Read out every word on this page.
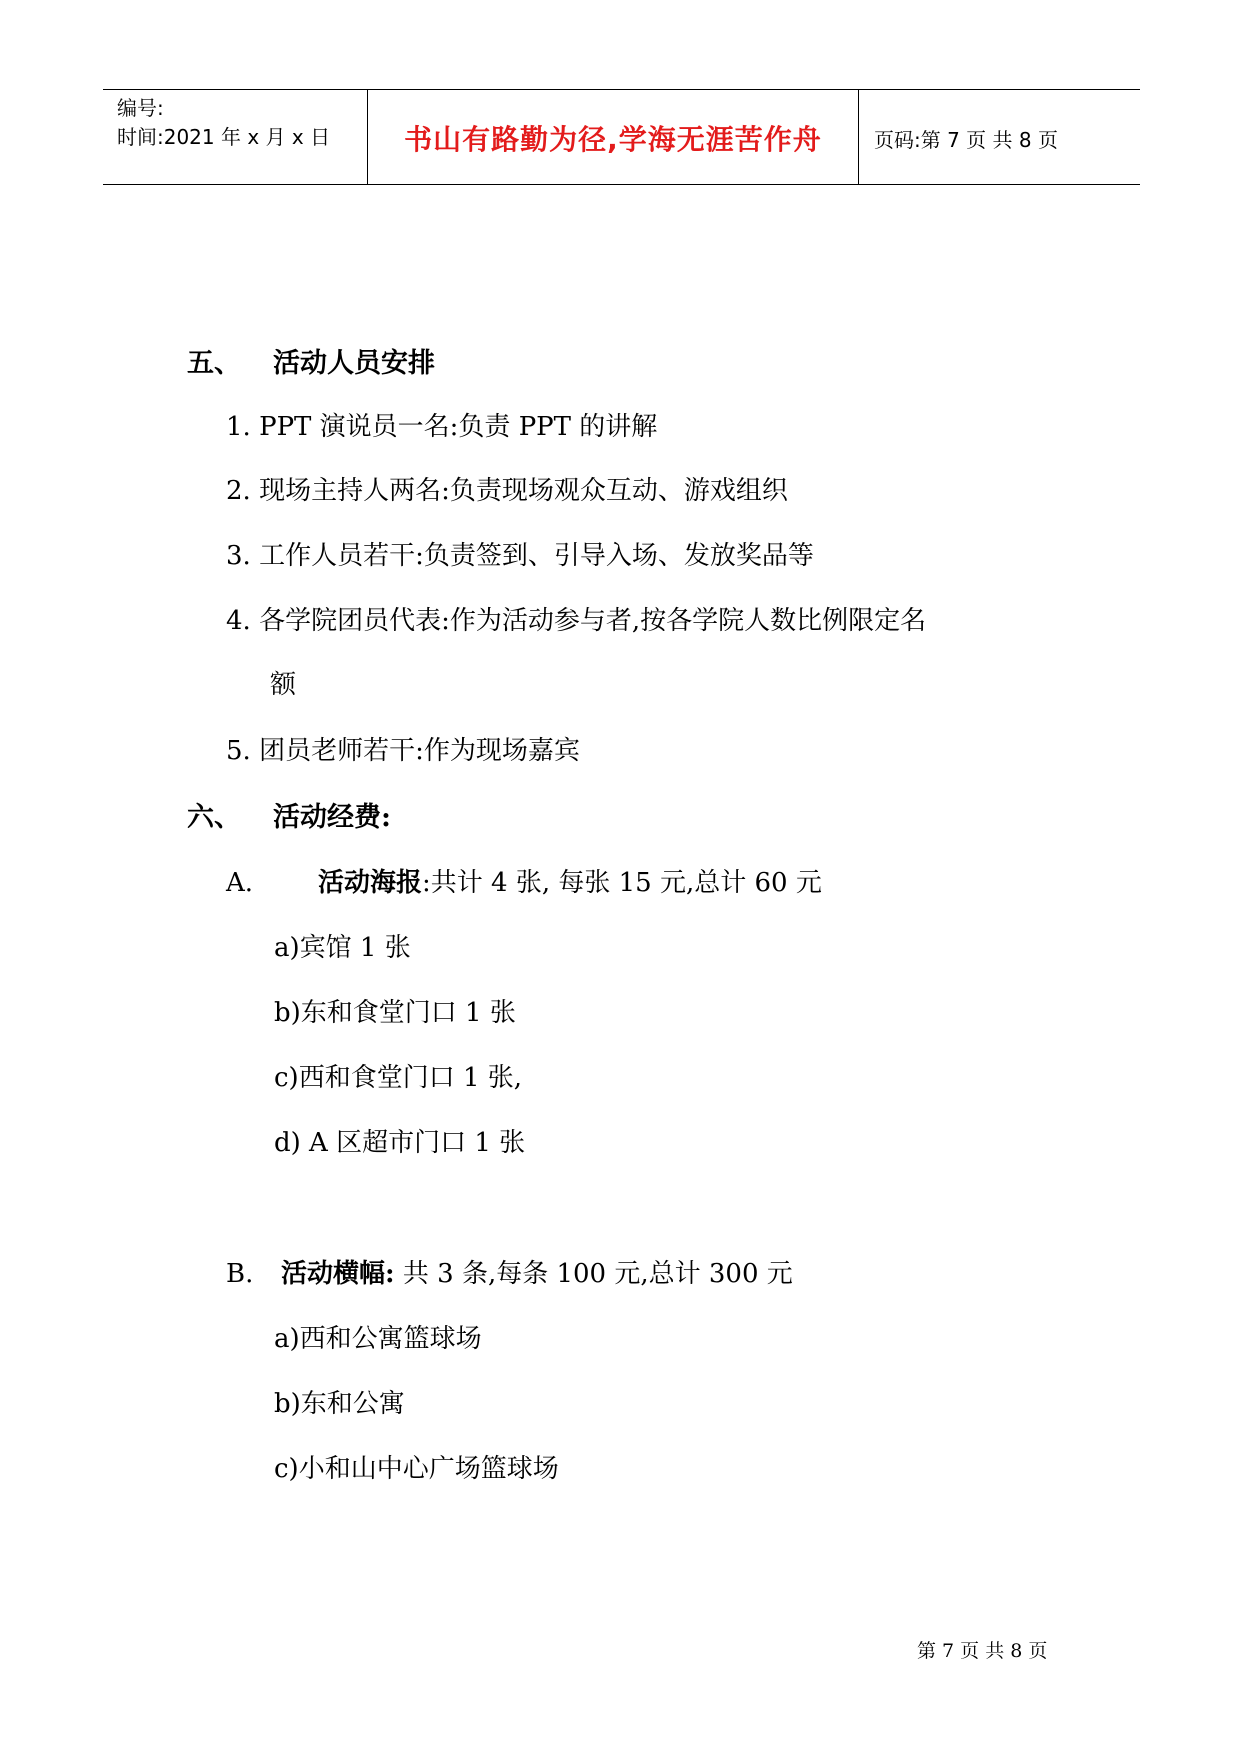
编号:
时间:2021 年 x 月 x 日	书山有路勤为径,学海无涯苦作舟	页码:第 7 页 共 8 页
五、 活动人员安排
1. PPT 演说员一名:负责 PPT 的讲解
2. 现场主持人两名:负责现场观众互动、游戏组织
3. 工作人员若干:负责签到、引导入场、发放奖品等
4. 各学院团员代表:作为活动参与者,按各学院人数比例限定名
额
5. 团员老师若干:作为现场嘉宾
六、 活动经费:
A. 活动海报:共计 4 张, 每张 15 元,总计 60 元
a)宾馆 1 张
b)东和食堂门口 1 张
c)西和食堂门口 1 张,
d) A 区超市门口 1 张
B. 活动横幅: 共 3 条,每条 100 元,总计 300 元
a)西和公寓篮球场
b)东和公寓
c)小和山中心广场篮球场
第 7 页 共 8 页
